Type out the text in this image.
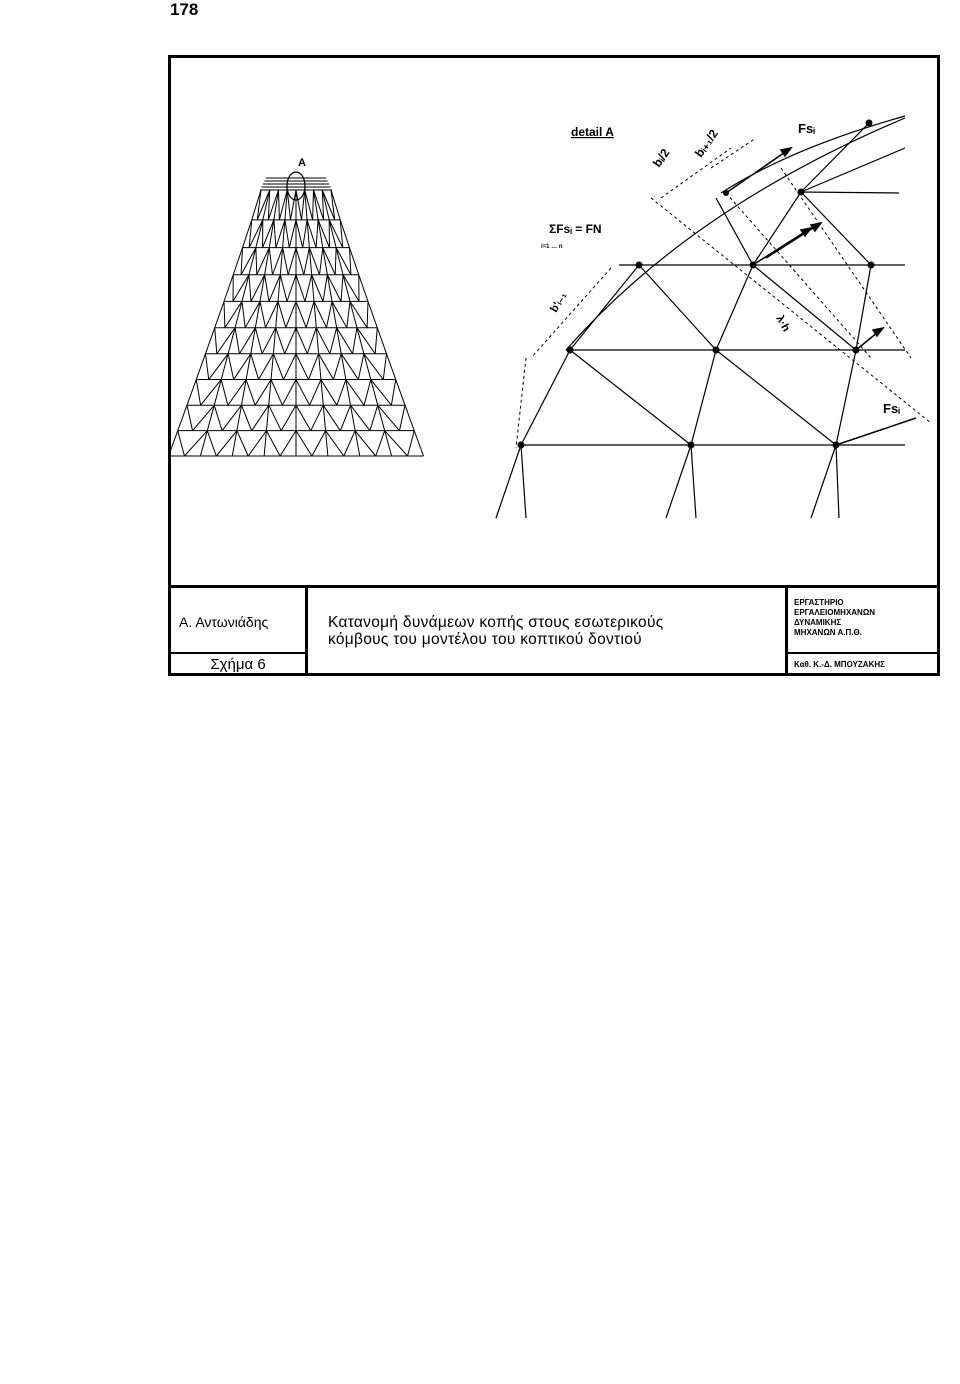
178
A
detail A
bᵢ/2 bᵢ₊₁/2
b'ᵢ₋₁
ΣFsᵢ = FN
i=1 … n
Fsᵢ
Fsᵢ
λ·h
Α. Αντωνιάδης
Σχήμα 6
Κατανομή δυνάμεων κοπής στους εσωτερικούς
κόμβους του μοντέλου του κοπτικού δοντιού
ΕΡΓΑΣΤΗΡΙΟ
ΕΡΓΑΛΕΙΟΜΗΧΑΝΩΝ
ΔΥΝΑΜΙΚΗΣ
ΜΗΧΑΝΩΝ Α.Π.Θ.
Καθ. Κ.-Δ. ΜΠΟΥΖΑΚΗΣ
